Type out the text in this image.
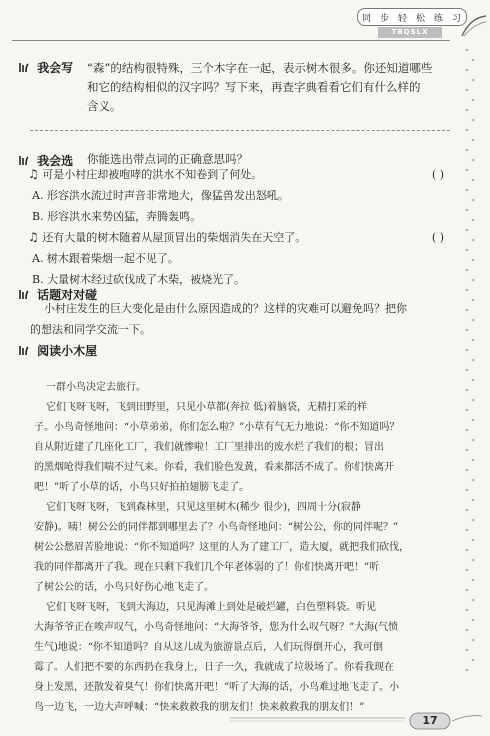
同 步 轻 松 练 习
TBQSLX
我会写 “森”的结构很特殊，三个木字在一起，表示树木很多。你还知道哪些
和它的结构相似的汉字吗？写下来，再查字典看看它们有什么样的
含义。
我会选 你能选出带点词的正确意思吗？
♫ 可是小村庄却被咆哮的洪水不知卷到了何处。	( )
A. 形容洪水流过时声音非常地大，像猛兽发出怒吼。
B. 形容洪水来势凶猛，奔腾轰鸣。
♫ 还有大量的树木随着从屋顶冒出的柴烟消失在天空了。	( )
A. 树木跟着柴烟一起不见了。
B. 大量树木经过砍伐成了木柴，被烧光了。
话题对对碰
小村庄发生的巨大变化是由什么原因造成的？这样的灾难可以避免吗？把你
的想法和同学交流一下。
阅读小木屋
一群小鸟决定去旅行。
它们飞呀飞呀，飞到田野里，只见小草都(奔拉 低)着脑袋，无精打采的样
子。小鸟奇怪地问：“小草弟弟，你们怎么啦？”小草有气无力地说：“你不知道吗？
自从附近建了几座化工厂，我们就惨啦！工厂里排出的废水烂了我们的根；冒出
的黑烟呛得我们喘不过气来。你看，我们脸色发黄，看来都活不成了。你们快离开
吧！”听了小草的话，小鸟只好拍拍翅膀飞走了。
它们飞呀飞呀，飞到森林里，只见这里树木(稀少 很少)，四周十分(寂静
安静)。咦！树公公的同伴都到哪里去了？小鸟奇怪地问：“树公公，你的同伴呢？”
树公公愁眉苦脸地说：“你不知道吗？这里的人为了建工厂，造大厦，就把我们砍伐，
我的同伴都离开了我。现在只剩下我们几个年老体弱的了！你们快离开吧！”听
了树公公的话，小鸟只好伤心地飞走了。
它们飞呀飞呀，飞到大海边，只见海滩上到处是破烂罐，白色塑料袋。听见
大海爷爷正在唉声叹气，小鸟奇怪地问：“大海爷爷，您为什么叹气呀？”大海(气愤
生气)地说：“你不知道吗？自从这儿成为旅游景点后，人们玩得倒开心，我可倒
霉了。人们把不要的东西扔在我身上，日子一久，我就成了垃圾场了。你看我现在
身上发黑，还散发着臭气！你们快离开吧！”听了大海的话，小鸟难过地飞走了。小
鸟一边飞，一边大声呼喊：“快来救救我的朋友们！快来救救我的朋友们！”
17
